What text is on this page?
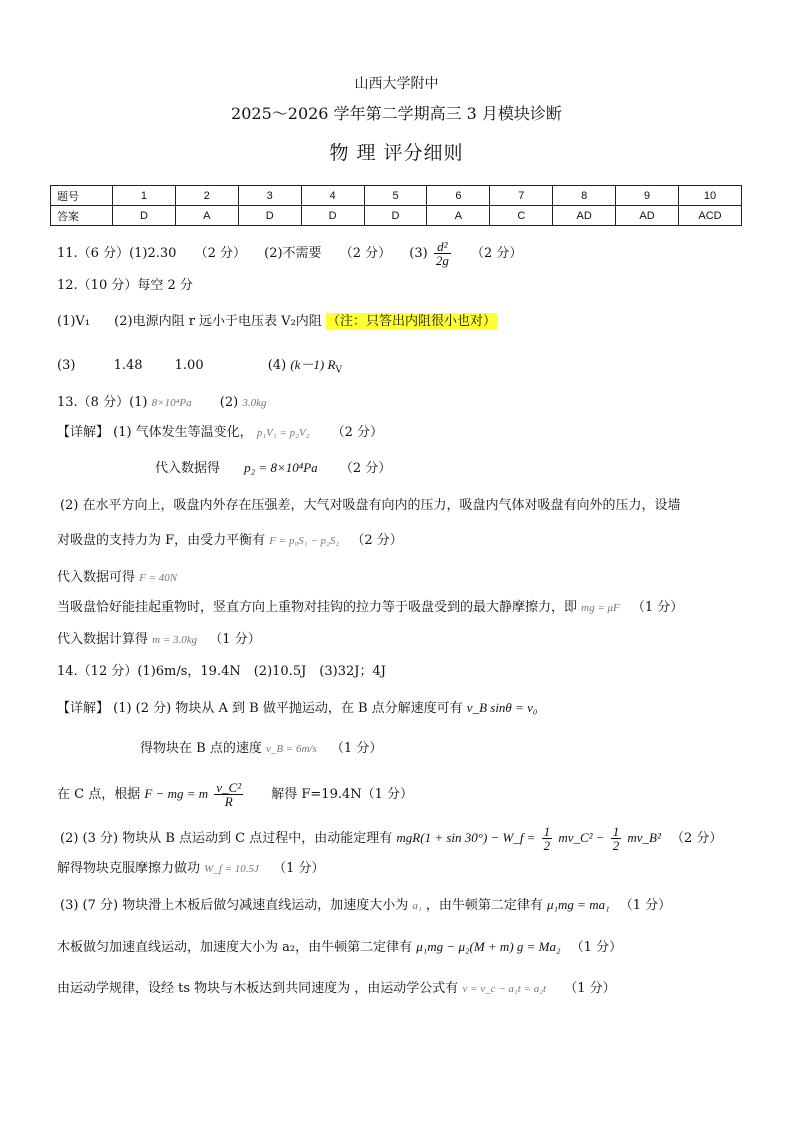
山西大学附中
2025～2026 学年第二学期高三 3 月模块诊断
物 理 评分细则
题号	1	2	3	4	5	6	7	8	9	10
答案	D	A	D	D	D	A	C	AD	AD	ACD
11.（6 分）(1)2.30 （2 分） (2)不需要 （2 分） $(3) \frac{\text{d²}}{2g} (2$ 分）
12.（10 分）每空 2 分
(1)V₁ (2)电源内阻 r 远小于电压表 V₂内阻 （注：只答出内阻很小也对）
(3)	1.48 1.00	(4) (k－1) $R_V$
13.（8 分）(1) 8×10⁴Pa (2) 3.0kg
【详解】 (1) 气体发生等温变化， p₁V₁ = p₂V₂ （2 分）
代入数据得 p₂ = 8×10⁴Pa （2 分）
(2) 在水平方向上，吸盘内外存在压强差，大气对吸盘有向内的压力，吸盘内气体对吸盘有向外的压力，设墙
对吸盘的支持力为 F，由受力平衡有 F = p₀S₁ − p₂S₂ （2 分）
代入数据可得 F = 40N
当吸盘恰好能挂起重物时，竖直方向上重物对挂钩的拉力等于吸盘受到的最大静摩擦力，即 mg = μF （1 分）
代入数据计算得 m = 3.0kg （1 分）
14.（12 分）(1)6m/s，19.4N　(2)10.5J　(3)32J；4J
【详解】 (1) (2 分) 物块从 A 到 B 做平抛运动，在 B 点分解速度可有 v_B sinθ = v₀
得物块在 B 点的速度 v_B = 6m/s （1 分）
在 C 点，根据 F − mg = m $\frac{\text{v\_C²}}{R}$ 解得 F=19.4N（1 分）
(2) (3 分) 物块从 B 点运动到 C 点过程中，由动能定理有 mgR(1 + sin 30°) − W_f = $\frac{1}{2}$ mv_C² − $\frac{1}{2}$ mv_B² （2 分）
解得物块克服摩擦力做功 W_f = 10.5J （1 分）
(3) (7 分) 物块滑上木板后做匀减速直线运动，加速度大小为 a₁ ，由牛顿第二定律有 μ₁mg = ma₁ （1 分）
木板做匀加速直线运动，加速度大小为 a₂，由牛顿第二定律有 μ₁mg − μ₂(M + m) g = Ma₂ （1 分）
由运动学规律，设经 ts 物块与木板达到共同速度为 ，由运动学公式有 v = v_c − a₁t = a₂t （1 分）
